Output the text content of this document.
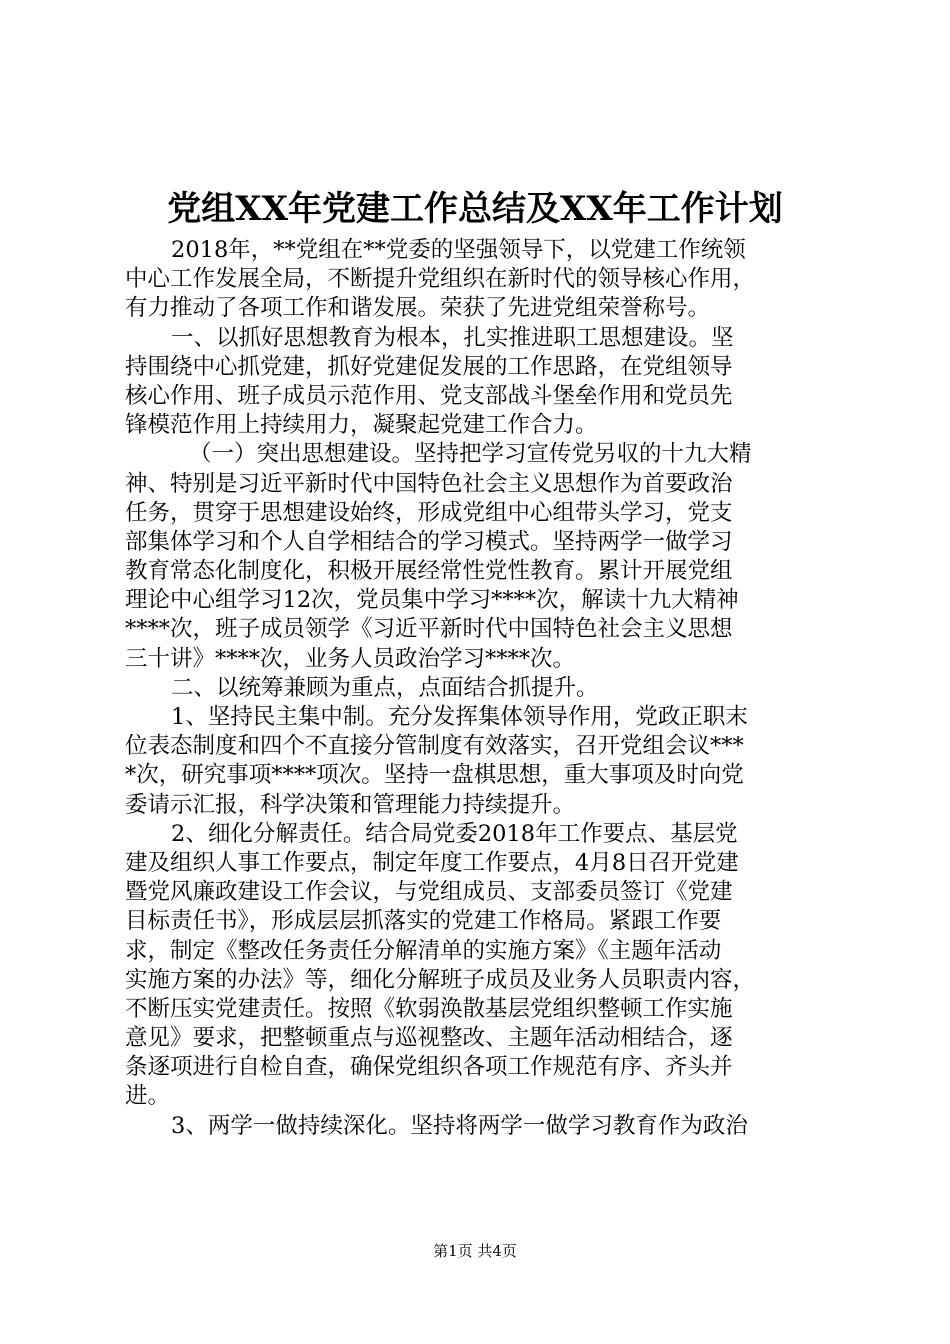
党组XX年党建工作总结及XX年工作计划
2018年，**党组在**党委的坚强领导下，以党建工作统领
中心工作发展全局，不断提升党组织在新时代的领导核心作用，
有力推动了各项工作和谐发展。荣获了先进党组荣誉称号。
一、以抓好思想教育为根本，扎实推进职工思想建设。坚
持围绕中心抓党建，抓好党建促发展的工作思路，在党组领导
核心作用、班子成员示范作用、党支部战斗堡垒作用和党员先
锋模范作用上持续用力，凝聚起党建工作合力。
（一）突出思想建设。坚持把学习宣传党另収的十九大精
神、特别是习近平新时代中国特色社会主义思想作为首要政治
任务，贯穿于思想建设始终，形成党组中心组带头学习，党支
部集体学习和个人自学相结合的学习模式。坚持两学一做学习
教育常态化制度化，积极开展经常性党性教育。累计开展党组
理论中心组学习12次，党员集中学习****次，解读十九大精神
****次，班子成员领学《习近平新时代中国特色社会主义思想
三十讲》****次，业务人员政治学习****次。
二、以统筹兼顾为重点，点面结合抓提升。
1、坚持民主集中制。充分发挥集体领导作用，党政正职末
位表态制度和四个不直接分管制度有效落实，召开党组会议***
*次，研究事项****项次。坚持一盘棋思想，重大事项及时向党
委请示汇报，科学决策和管理能力持续提升。
2、细化分解责任。结合局党委2018年工作要点、基层党
建及组织人事工作要点，制定年度工作要点，4月8日召开党建
暨党风廉政建设工作会议，与党组成员、支部委员签订《党建
目标责任书》，形成层层抓落实的党建工作格局。紧跟工作要
求，制定《整改任务责任分解清单的实施方案》《主题年活动
实施方案的办法》等，细化分解班子成员及业务人员职责内容，
不断压实党建责任。按照《软弱涣散基层党组织整顿工作实施
意见》要求，把整顿重点与巡视整改、主题年活动相结合，逐
条逐项进行自检自查，确保党组织各项工作规范有序、齐头并
进。
3、两学一做持续深化。坚持将两学一做学习教育作为政治
第1页 共4页
